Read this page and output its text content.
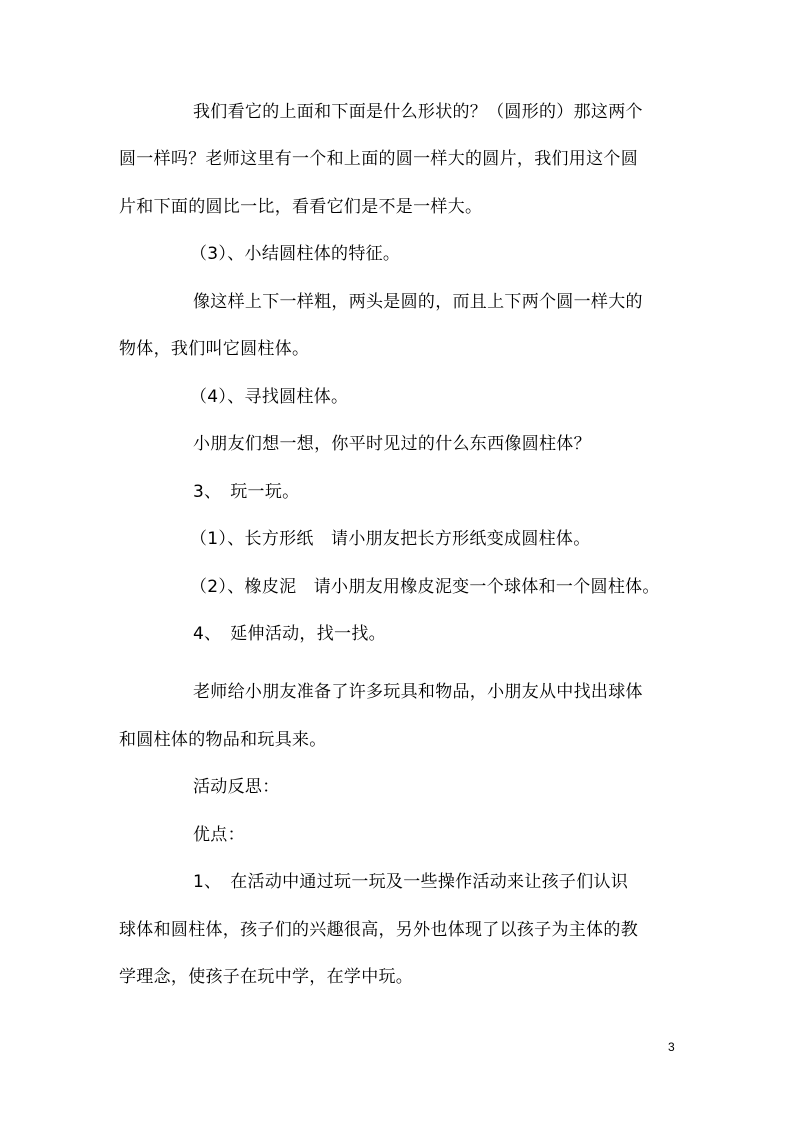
我们看它的上面和下面是什么形状的？（圆形的）那这两个
圆一样吗？老师这里有一个和上面的圆一样大的圆片，我们用这个圆
片和下面的圆比一比，看看它们是不是一样大。
（3）、小结圆柱体的特征。
像这样上下一样粗，两头是圆的，而且上下两个圆一样大的
物体，我们叫它圆柱体。
（4）、寻找圆柱体。
小朋友们想一想，你平时见过的什么东西像圆柱体？
3、　玩一玩。
（1）、长方形纸　请小朋友把长方形纸变成圆柱体。
（2）、橡皮泥　请小朋友用橡皮泥变一个球体和一个圆柱体。
4、　延伸活动，找一找。
老师给小朋友准备了许多玩具和物品，小朋友从中找出球体
和圆柱体的物品和玩具来。
活动反思：
优点：
1、　在活动中通过玩一玩及一些操作活动来让孩子们认识
球体和圆柱体，孩子们的兴趣很高，另外也体现了以孩子为主体的教
学理念，使孩子在玩中学，在学中玩。
3
